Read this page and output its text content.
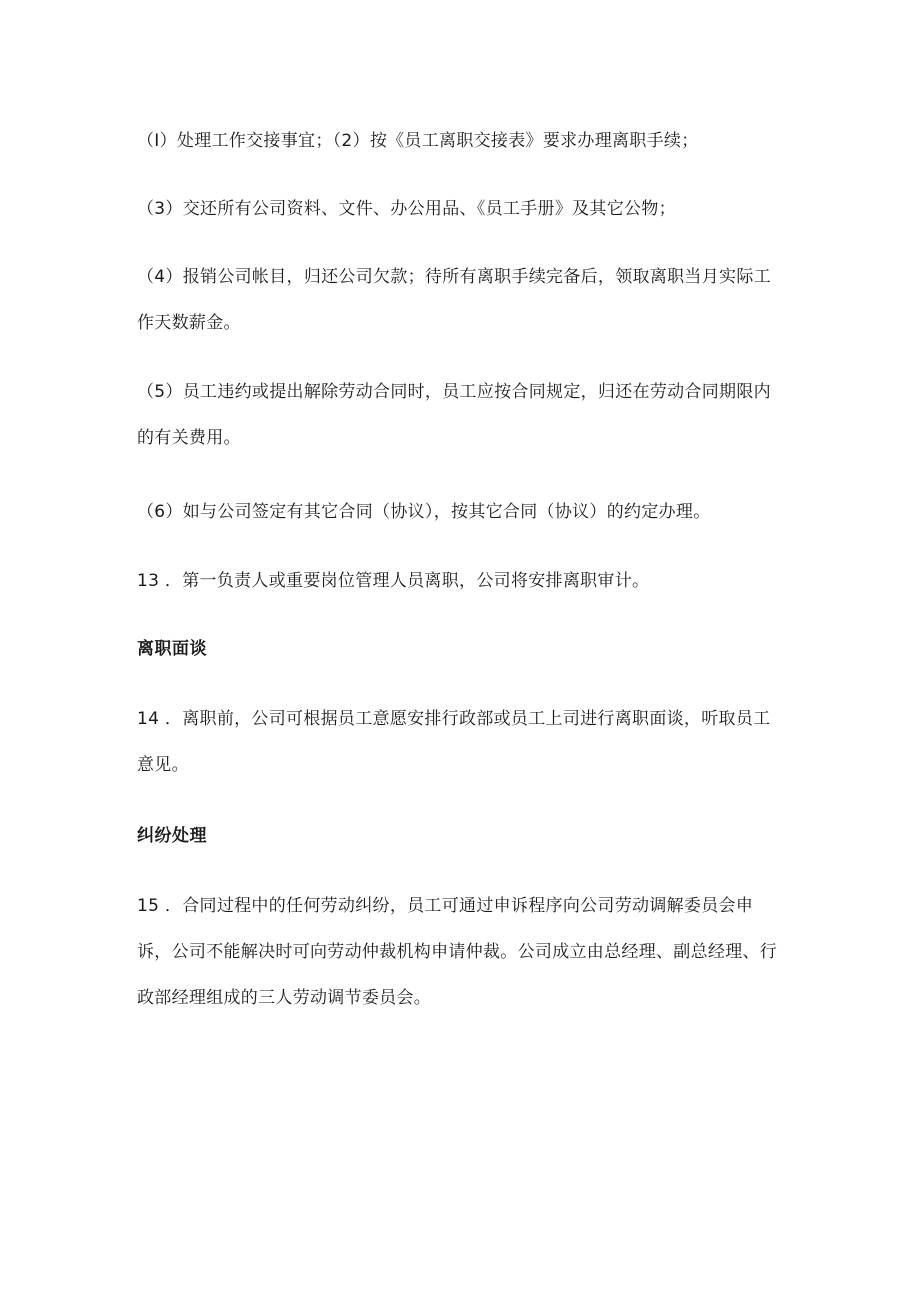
（I）处理工作交接事宜；（2）按《员工离职交接表》要求办理离职手续；

（3）交还所有公司资料、文件、办公用品、《员工手册》及其它公物；

（4）报销公司帐目，归还公司欠款；待所有离职手续完备后，领取离职当月实际工作天数薪金。

（5）员工违约或提出解除劳动合同时，员工应按合同规定，归还在劳动合同期限内的有关费用。

（6）如与公司签定有其它合同（协议），按其它合同（协议）的约定办理。

13 ．第一负责人或重要岗位管理人员离职，公司将安排离职审计。

离职面谈

14 ．离职前，公司可根据员工意愿安排行政部或员工上司进行离职面谈，听取员工意见。

纠纷处理

15 ．合同过程中的任何劳动纠纷，员工可通过申诉程序向公司劳动调解委员会申诉，公司不能解决时可向劳动仲裁机构申请仲裁。公司成立由总经理、副总经理、行政部经理组成的三人劳动调节委员会。
